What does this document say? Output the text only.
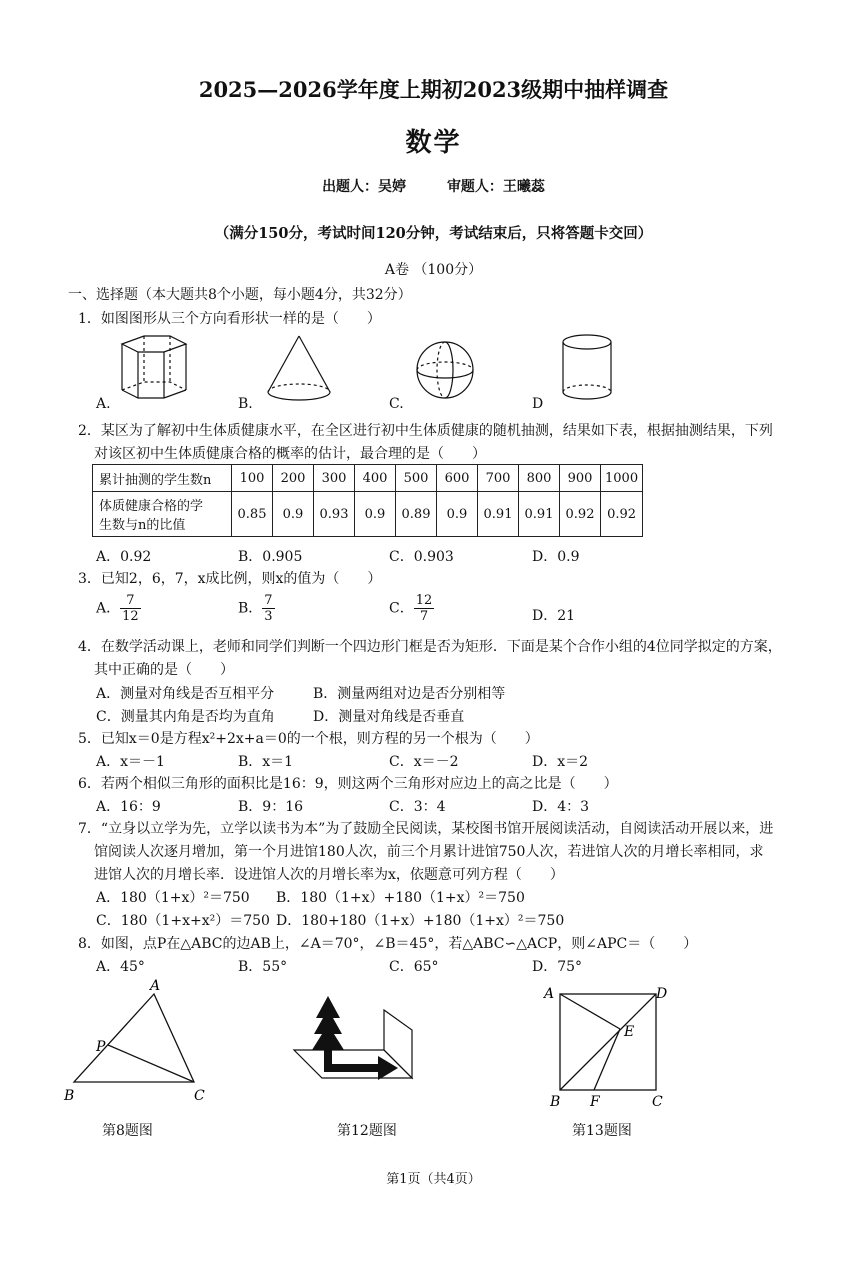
2025—2026学年度上期初2023级期中抽样调查
数学
出题人：吴婷	审题人：王曦蕊
（满分150分，考试时间120分钟，考试结束后，只将答题卡交回）
A卷 （100分）
一、选择题（本大题共8个小题，每小题4分，共32分）
1．如图图形从三个方向看形状一样的是（　　）
A.	B.	C.	D
2．某区为了解初中生体质健康水平，在全区进行初中生体质健康的随机抽测，结果如下表，根据抽测结果，下列
对该区初中生体质健康合格的概率的估计，最合理的是（　　）
累计抽测的学生数n	100	200	300	400	500	600	700	800	900	1000

体质健康合格的学
生数与n的比值	0.85	0.9	0.93	0.9	0.89	0.9	0.91	0.91	0.92	0.92
A．0.92	B．0.905	C．0.903	D．0.9
3．已知2，6，7，x成比例，则x的值为（　　）
A． $\frac{7}{12}$	B． $\frac{7}{3}$	C． $\frac{12}{7}$	D．21
4．在数学活动课上，老师和同学们判断一个四边形门框是否为矩形．下面是某个合作小组的4位同学拟定的方案，
其中正确的是（　　）
A．测量对角线是否互相平分	B．测量两组对边是否分别相等
C．测量其内角是否均为直角	D．测量对角线是否垂直
5．已知x＝0是方程x²+2x+a＝0的一个根，则方程的另一个根为（　　）
A．x＝－1	B．x＝1	C．x＝－2	D．x＝2
6．若两个相似三角形的面积比是16：9，则这两个三角形对应边上的高之比是（　　）
A．16：9	B．9：16	C．3：4	D．4：3
7．“立身以立学为先，立学以读书为本”为了鼓励全民阅读，某校图书馆开展阅读活动，自阅读活动开展以来，进
馆阅读人次逐月增加，第一个月进馆180人次，前三个月累计进馆750人次，若进馆人次的月增长率相同，求
进馆人次的月增长率．设进馆人次的月增长率为x，依题意可列方程（　　）
A．180（1+x）²＝750 B．180（1+x）+180（1+x）²＝750
C．180（1+x+x²）＝750 D．180+180（1+x）+180（1+x）²＝750
8．如图，点P在△ABC的边AB上，∠A＝70°，∠B＝45°，若△ABC∽△ACP，则∠APC＝（　　）
A．45°	B．55°	C．65°	D．75°
A
P
B	C
第8题图	第12题图
A	D
E
B F	C
第13题图
第1页（共4页）
